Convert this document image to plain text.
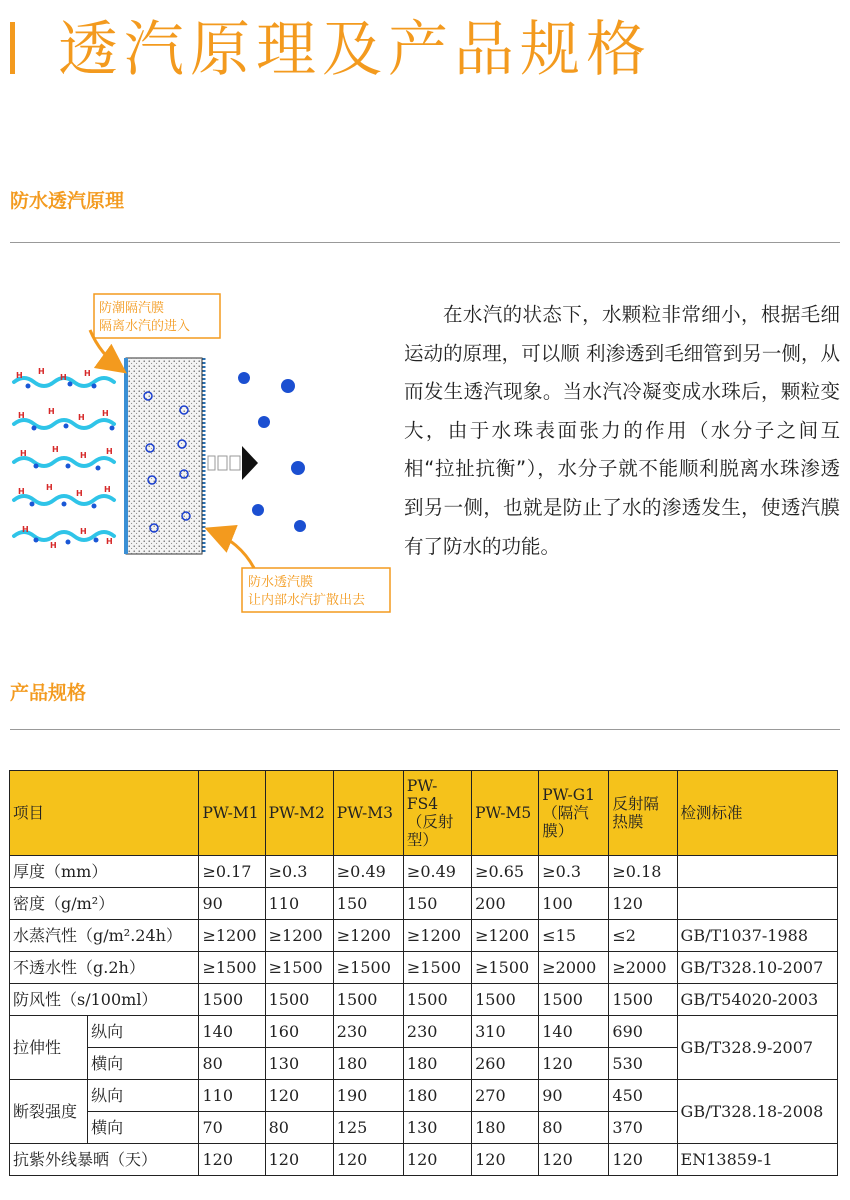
透汽原理及产品规格
防水透汽原理
H H
H H
H	H
H H
H	H
H H
H	H
H	H
H
H
H
H
防潮隔汽膜
隔离水汽的进入
防水透汽膜
让内部水汽扩散出去
在水汽的状态下，水颗粒非常细小，根据毛细运动的原理，可以顺 利渗透到毛细管到另一侧，从而发生透汽现象。当水汽冷凝变成水珠后，颗粒变大，由于水珠表面张力的作用（水分子之间互相“拉扯抗衡”），水分子就不能顺利脱离水珠渗透到另一侧，也就是防止了水的渗透发生，使透汽膜有了防水的功能。
产品规格
项目		PW-M1	PW-M2	PW-M3	PW-FS4（反射型）	PW-M5	PW-G1（隔汽膜）	反射隔热膜	检测标准
厚度（mm）		≥0.17	≥0.3	≥0.49	≥0.49	≥0.65	≥0.3	≥0.18	
密度（g/m²）		90	110	150	150	200	100	120	
水蒸汽性（g/m².24h）		≥1200	≥1200	≥1200	≥1200	≥1200	≤15	≤2	GB/T1037-1988
不透水性（g.2h）		≥1500	≥1500	≥1500	≥1500	≥1500	≥2000	≥2000	GB/T328.10-2007
防风性（s/100ml）		1500	1500	1500	1500	1500	1500	1500	GB/T54020-2003
拉伸性	纵向	140	160	230	230	310	140	690	GB/T328.9-2007
	横向	80	130	180	180	260	120	530	
断裂强度	纵向	110	120	190	180	270	90	450	GB/T328.18-2008
	横向	70	80	125	130	180	80	370	
抗紫外线暴晒（天）		120	120	120	120	120	120	120	EN13859-1
